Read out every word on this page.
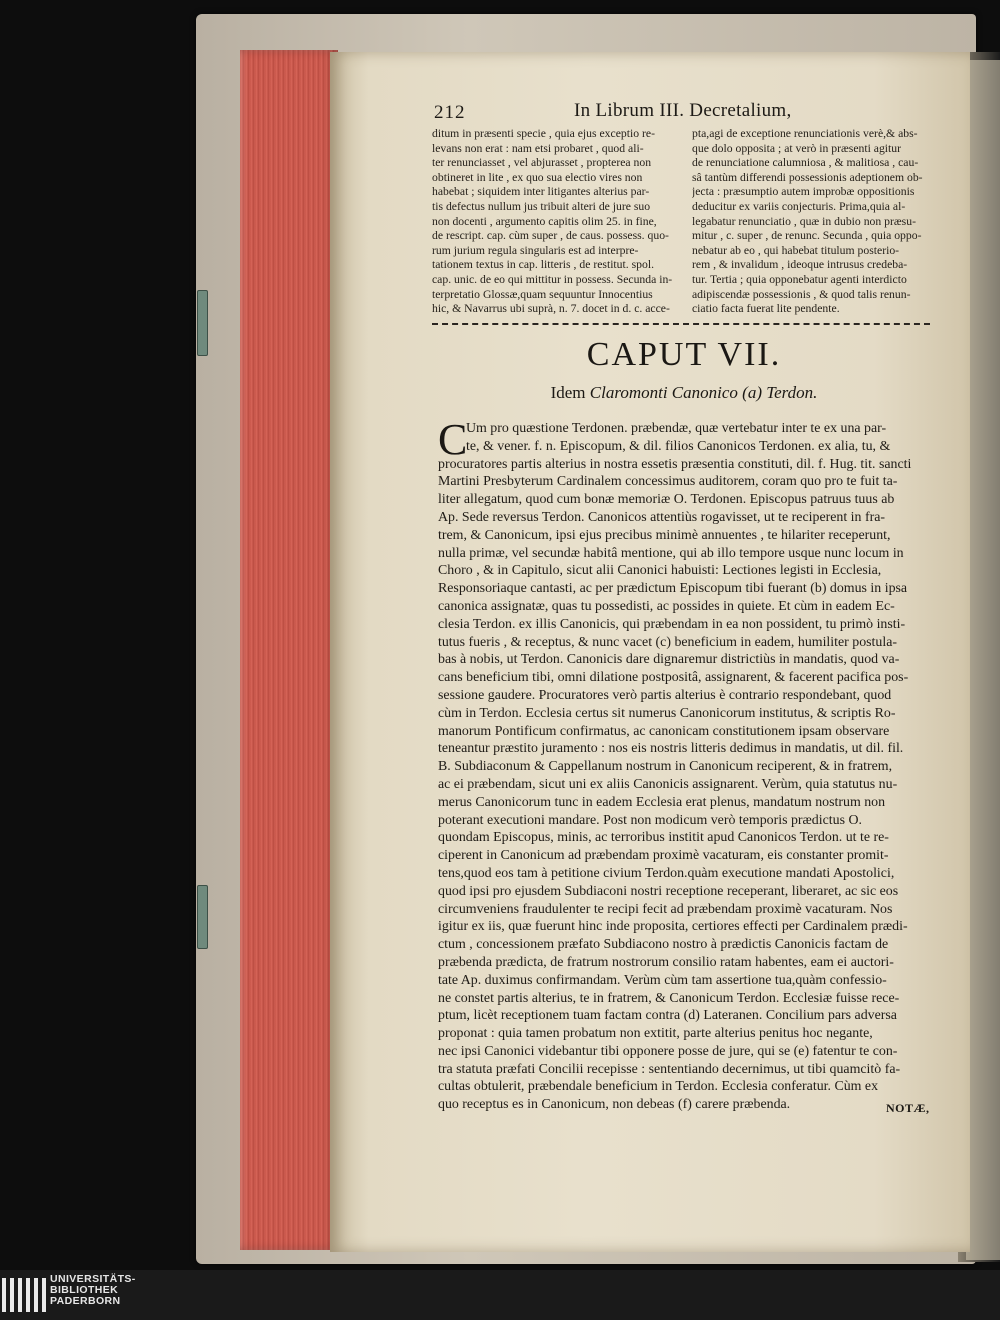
212	In Librum III. Decretalium,
ditum in præsenti specie , quia ejus exceptio re-
levans non erat : nam etsi probaret , quod ali-
ter renunciasset , vel abjurasset , propterea non
obtineret in lite , ex quo sua electio vires non
habebat ; siquidem inter litigantes alterius par-
tis defectus nullum jus tribuit alteri de jure suo
non docenti , argumento capitis olim 25. in fine,
de rescript. cap. cùm super , de caus. possess. quo-
rum jurium regula singularis est ad interpre-
tationem textus in cap. litteris , de restitut. spol.
cap. unic. de eo qui mittitur in possess. Secunda in-
terpretatio Glossæ,quam sequuntur Innocentius
hic, & Navarrus ubi suprà, n. 7. docet in d. c. acce-
pta,agi de exceptione renunciationis verè,& abs-
que dolo opposita ; at verò in præsenti agitur
de renunciatione calumniosa , & malitiosa , cau-
sâ tantùm differendi possessionis adeptionem ob-
jecta : præsumptio autem improbæ oppositionis
deducitur ex variis conjecturis. Prima,quia al-
legabatur renunciatio , quæ in dubio non præsu-
mitur , c. super , de renunc. Secunda , quia oppo-
nebatur ab eo , qui habebat titulum posterio-
rem , & invalidum , ideoque intrusus credeba-
tur. Tertia ; quia opponebatur agenti interdicto
adipiscendæ possessionis , & quod talis renun-
ciatio facta fuerat lite pendente.
CAPUT VII.
Idem Claromonti Canonico (a) Terdon.
C
Um pro quæstione Terdonen. præbendæ, quæ vertebatur inter te ex una par-
te, & vener. f. n. Episcopum, & dil. filios Canonicos Terdonen. ex alia, tu, &
procuratores partis alterius in nostra essetis præsentia constituti, dil. f. Hug. tit. sancti
Martini Presbyterum Cardinalem concessimus auditorem, coram quo pro te fuit ta-
liter allegatum, quod cum bonæ memoriæ O. Terdonen. Episcopus patruus tuus ab
Ap. Sede reversus Terdon. Canonicos attentiùs rogavisset, ut te reciperent in fra-
trem, & Canonicum, ipsi ejus precibus minimè annuentes , te hilariter receperunt,
nulla primæ, vel secundæ habitâ mentione, qui ab illo tempore usque nunc locum in
Choro , & in Capitulo, sicut alii Canonici habuisti: Lectiones legisti in Ecclesia,
Responsoriaque cantasti, ac per prædictum Episcopum tibi fuerant (b) domus in ipsa
canonica assignatæ, quas tu possedisti, ac possides in quiete. Et cùm in eadem Ec-
clesia Terdon. ex illis Canonicis, qui præbendam in ea non possident, tu primò insti-
tutus fueris , & receptus, & nunc vacet (c) beneficium in eadem, humiliter postula-
bas à nobis, ut Terdon. Canonicis dare dignaremur districtiùs in mandatis, quod va-
cans beneficium tibi, omni dilatione postpositâ, assignarent, & facerent pacifica pos-
sessione gaudere. Procuratores verò partis alterius è contrario respondebant, quod
cùm in Terdon. Ecclesia certus sit numerus Canonicorum institutus, & scriptis Ro-
manorum Pontificum confirmatus, ac canonicam constitutionem ipsam observare
teneantur præstito juramento : nos eis nostris litteris dedimus in mandatis, ut dil. fil.
B. Subdiaconum & Cappellanum nostrum in Canonicum reciperent, & in fratrem,
ac ei præbendam, sicut uni ex aliis Canonicis assignarent. Verùm, quia statutus nu-
merus Canonicorum tunc in eadem Ecclesia erat plenus, mandatum nostrum non
poterant executioni mandare. Post non modicum verò temporis prædictus O.
quondam Episcopus, minis, ac terroribus institit apud Canonicos Terdon. ut te re-
ciperent in Canonicum ad præbendam proximè vacaturam, eis constanter promit-
tens,quod eos tam à petitione civium Terdon.quàm executione mandati Apostolici,
quod ipsi pro ejusdem Subdiaconi nostri receptione receperant, liberaret, ac sic eos
circumveniens fraudulenter te recipi fecit ad præbendam proximè vacaturam. Nos
igitur ex iis, quæ fuerunt hinc inde proposita, certiores effecti per Cardinalem prædi-
ctum , concessionem præfato Subdiacono nostro à prædictis Canonicis factam de
præbenda prædicta, de fratrum nostrorum consilio ratam habentes, eam ei auctori-
tate Ap. duximus confirmandam. Verùm cùm tam assertione tua,quàm confessio-
ne constet partis alterius, te in fratrem, & Canonicum Terdon. Ecclesiæ fuisse rece-
ptum, licèt receptionem tuam factam contra (d) Lateranen. Concilium pars adversa
proponat : quia tamen probatum non extitit, parte alterius penitus hoc negante,
nec ipsi Canonici videbantur tibi opponere posse de jure, qui se (e) fatentur te con-
tra statuta præfati Concilii recepisse : sententiando decernimus, ut tibi quamcitò fa-
cultas obtulerit, præbendale beneficium in Terdon. Ecclesia conferatur. Cùm ex
quo receptus es in Canonicum, non debeas (f) carere præbenda.	NOTÆ,
UNIVERSITÄTS-
BIBLIOTHEK
PADERBORN
